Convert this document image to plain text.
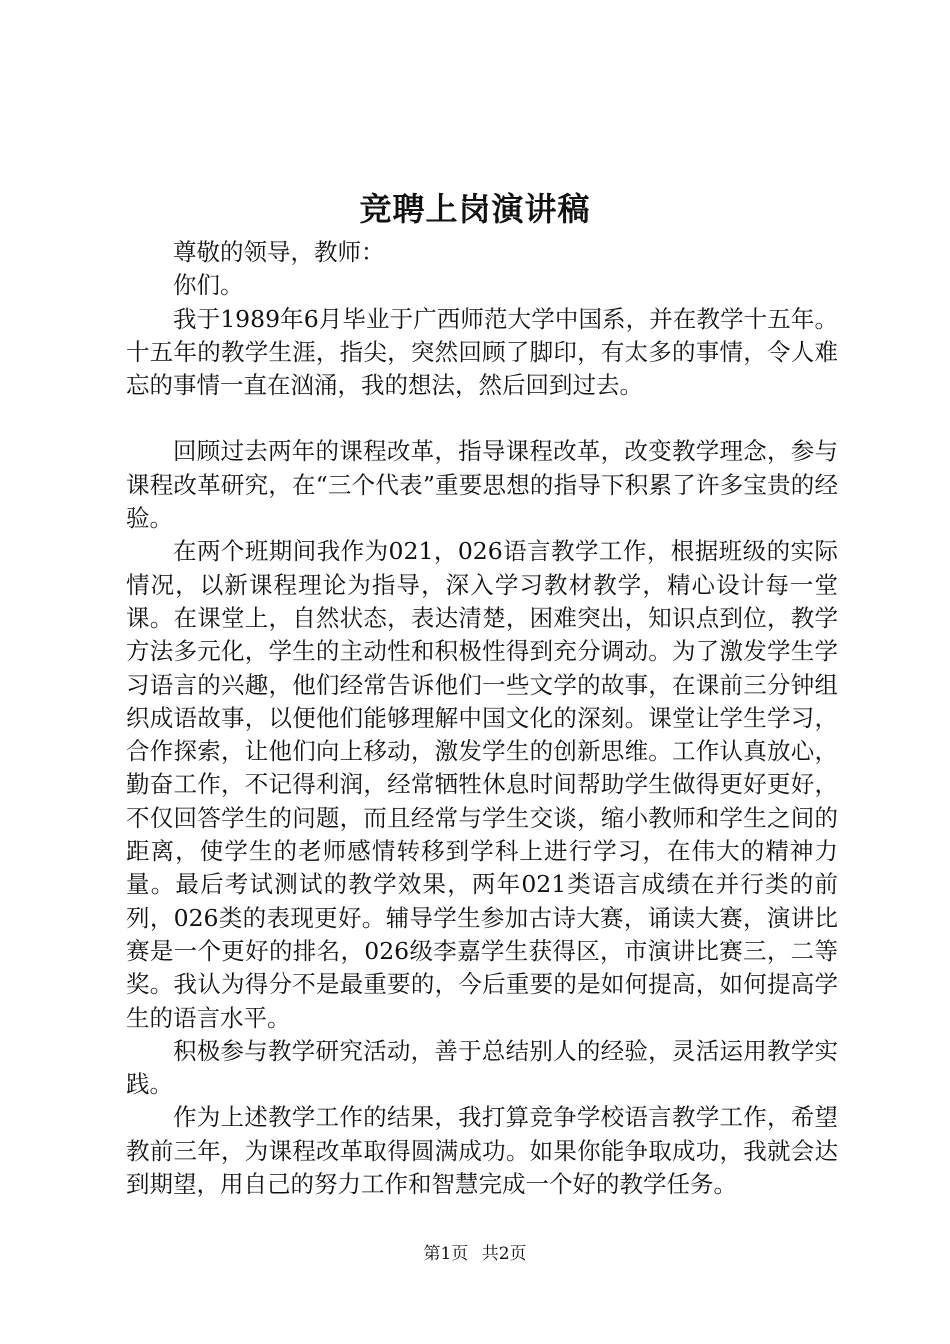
竞聘上岗演讲稿

尊敬的领导，教师：

你们。

我于1989年6月毕业于广西师范大学中国系，并在教学十五年。十五年的教学生涯，指尖，突然回顾了脚印，有太多的事情，令人难忘的事情一直在汹涌，我的想法，然后回到过去。

回顾过去两年的课程改革，指导课程改革，改变教学理念，参与课程改革研究，在“三个代表”重要思想的指导下积累了许多宝贵的经验。

在两个班期间我作为021，026语言教学工作，根据班级的实际情况，以新课程理论为指导，深入学习教材教学，精心设计每一堂课。在课堂上，自然状态，表达清楚，困难突出，知识点到位，教学方法多元化，学生的主动性和积极性得到充分调动。为了激发学生学习语言的兴趣，他们经常告诉他们一些文学的故事，在课前三分钟组织成语故事，以便他们能够理解中国文化的深刻。课堂让学生学习，合作探索，让他们向上移动，激发学生的创新思维。工作认真放心，勤奋工作，不记得利润，经常牺牲休息时间帮助学生做得更好更好，不仅回答学生的问题，而且经常与学生交谈，缩小教师和学生之间的距离，使学生的老师感情转移到学科上进行学习，在伟大的精神力量。最后考试测试的教学效果，两年021类语言成绩在并行类的前列，026类的表现更好。辅导学生参加古诗大赛，诵读大赛，演讲比赛是一个更好的排名，026级李嘉学生获得区，市演讲比赛三，二等奖。我认为得分不是最重要的，今后重要的是如何提高，如何提高学生的语言水平。

积极参与教学研究活动，善于总结别人的经验，灵活运用教学实践。

作为上述教学工作的结果，我打算竞争学校语言教学工作，希望教前三年，为课程改革取得圆满成功。如果你能争取成功，我就会达到期望，用自己的努力工作和智慧完成一个好的教学任务。

第1页 共2页
